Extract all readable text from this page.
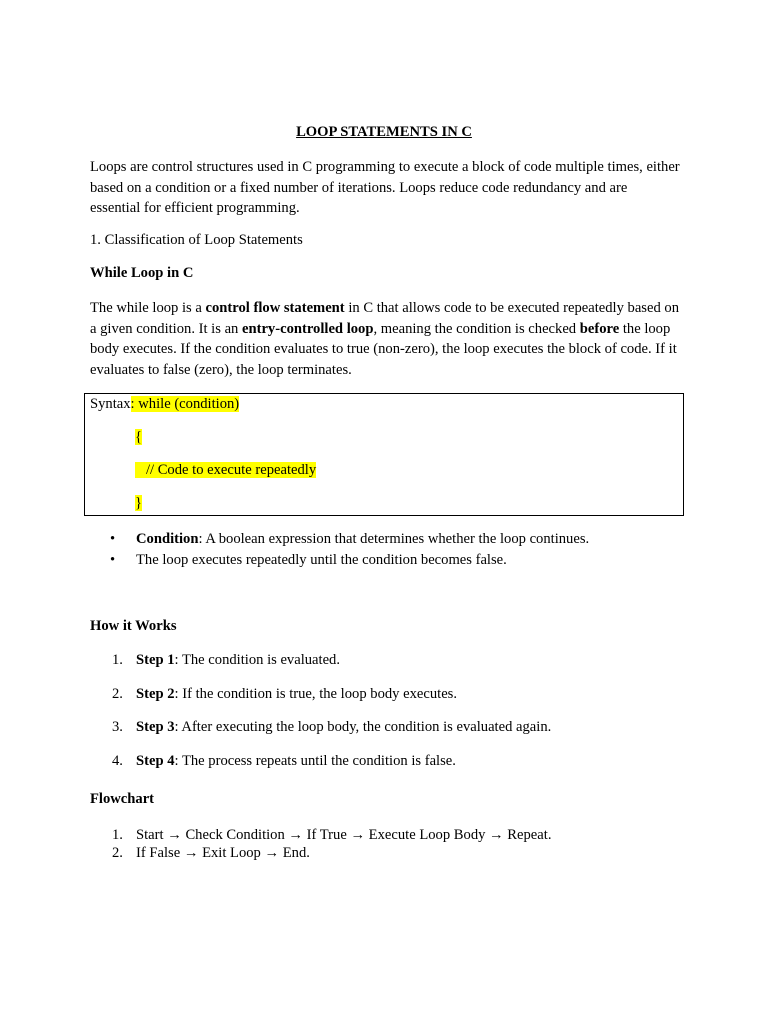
LOOP STATEMENTS IN C
Loops are control structures used in C programming to execute a block of code multiple times, either based on a condition or a fixed number of iterations. Loops reduce code redundancy and are essential for efficient programming.
1. Classification of Loop Statements
While Loop in C
The while loop is a control flow statement in C that allows code to be executed repeatedly based on a given condition. It is an entry-controlled loop, meaning the condition is checked before the loop body executes. If the condition evaluates to true (non-zero), the loop executes the block of code. If it evaluates to false (zero), the loop terminates.
Syntax: while (condition)
{
// Code to execute repeatedly
}
• Condition: A boolean expression that determines whether the loop continues.
• The loop executes repeatedly until the condition becomes false.
How it Works
1. Step 1: The condition is evaluated.
2. Step 2: If the condition is true, the loop body executes.
3. Step 3: After executing the loop body, the condition is evaluated again.
4. Step 4: The process repeats until the condition is false.
Flowchart
1. Start → Check Condition → If True → Execute Loop Body → Repeat.
2. If False → Exit Loop → End.
